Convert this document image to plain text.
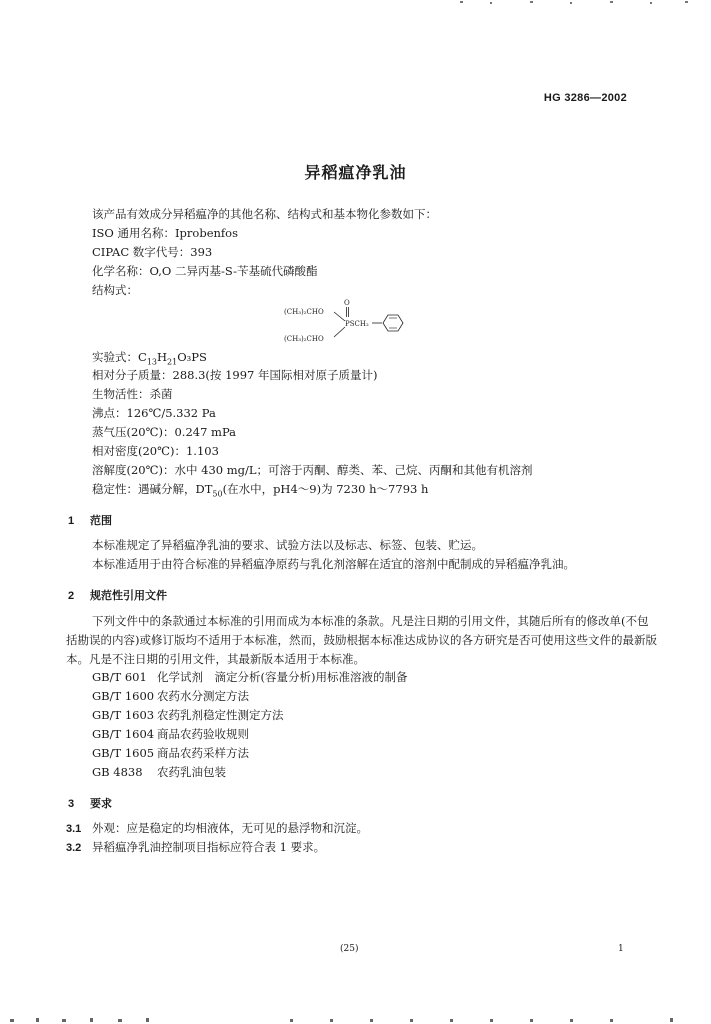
HG 3286—2002
异稻瘟净乳油
该产品有效成分异稻瘟净的其他名称、结构式和基本物化参数如下：
ISO 通用名称：Iprobenfos
CIPAC 数字代号：393
化学名称：O,O 二异丙基-S-苄基硫代磷酸酯
结构式：
(CH₃)₂CHO
(CH₃)₂CHO
O
PSCH₂
实验式：$C_{13}H_{21}O_3PS$
相对分子质量：288.3(按 1997 年国际相对原子质量计)
生物活性：杀菌
沸点：126℃/5.332 Pa
蒸气压(20℃)：0.247 mPa
相对密度(20℃)：1.103
溶解度(20℃)：水中 430 mg/L；可溶于丙酮、醇类、苯、己烷、丙酮和其他有机溶剂
稳定性：遇碱分解，$DT_{50}$(在水中，pH4～9)为 7230 h～7793 h
1 范围
本标准规定了异稻瘟净乳油的要求、试验方法以及标志、标签、包装、贮运。
本标准适用于由符合标准的异稻瘟净原药与乳化剂溶解在适宜的溶剂中配制成的异稻瘟净乳油。
2 规范性引用文件
下列文件中的条款通过本标准的引用而成为本标准的条款。凡是注日期的引用文件，其随后所有的修改单(不包括勘误的内容)或修订版均不适用于本标准，然而，鼓励根据本标准达成协议的各方研究是否可使用这些文件的最新版本。凡是不注日期的引用文件，其最新版本适用于本标准。
GB/T 601 化学试剂　滴定分析(容量分析)用标准溶液的制备
GB/T 1600 农药水分测定方法
GB/T 1603 农药乳剂稳定性测定方法
GB/T 1604 商品农药验收规则
GB/T 1605 商品农药采样方法
GB 4838 农药乳油包装
3 要求
3.1 外观：应是稳定的均相液体，无可见的悬浮物和沉淀。
3.2 异稻瘟净乳油控制项目指标应符合表 1 要求。
(25)	1
